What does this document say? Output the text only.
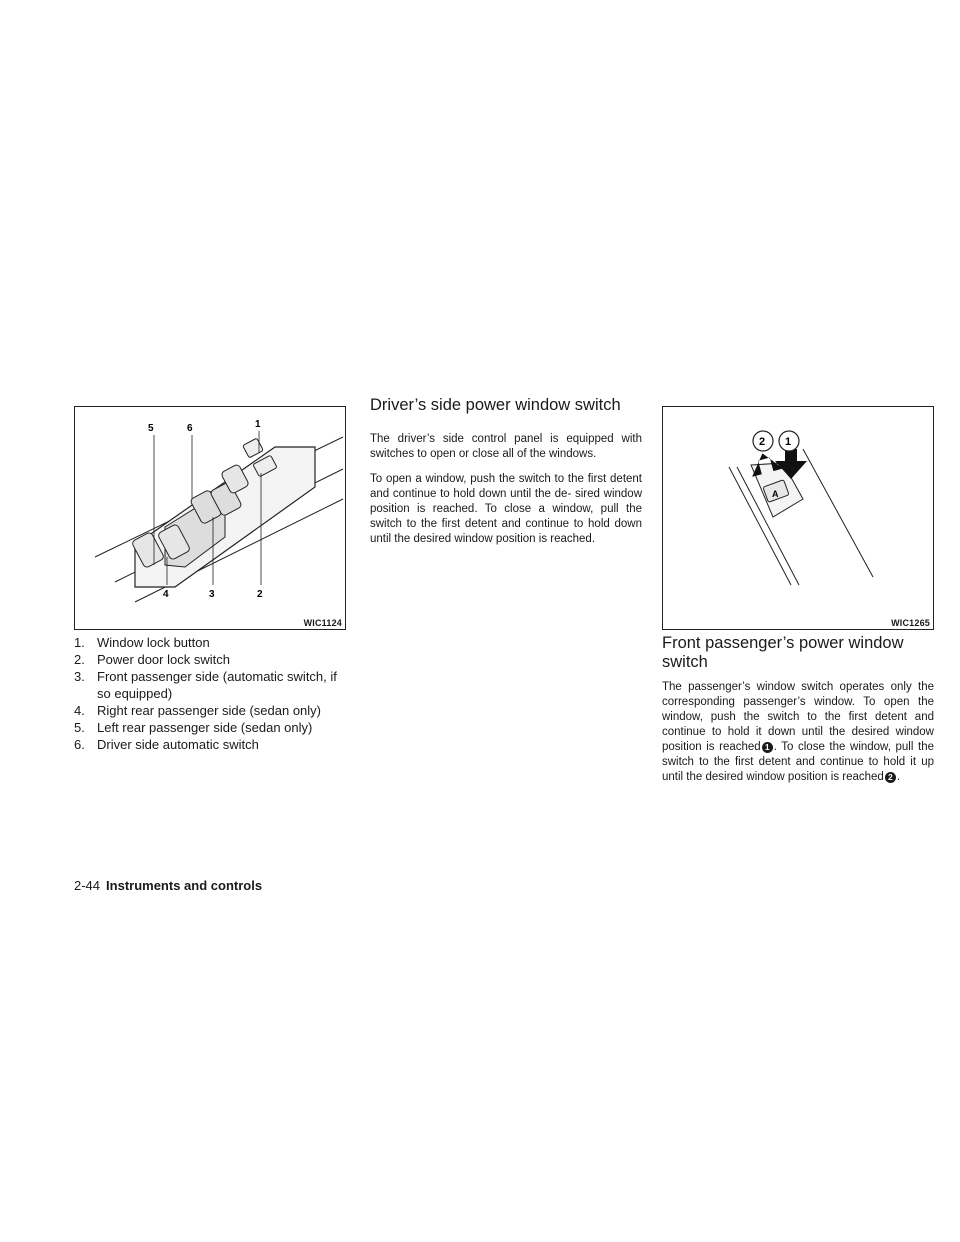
5	6	1
2
3
4
WIC1124
1. Window lock button
2. Power door lock switch
3. Front passenger side (automatic switch, if so equipped)
4. Right rear passenger side (sedan only)
5. Left rear passenger side (sedan only)
6. Driver side automatic switch
Driver’s side power window switch

The driver’s side control panel is equipped with switches to open or close all of the windows.

To open a window, push the switch to the first detent and continue to hold down until the de- sired window position is reached. To close a window, pull the switch to the first detent and continue to hold down until the desired window position is reached.

A
2 1
WIC1265
Front passenger’s power window switch

The passenger’s window switch operates only the corresponding passenger’s window. To open the window, push the switch to the first detent and continue to hold it down until the desired window position is reached 1 . To close the window, pull the switch to the first detent and continue to hold it up until the desired window position is reached 2 .

2-44 Instruments and controls
